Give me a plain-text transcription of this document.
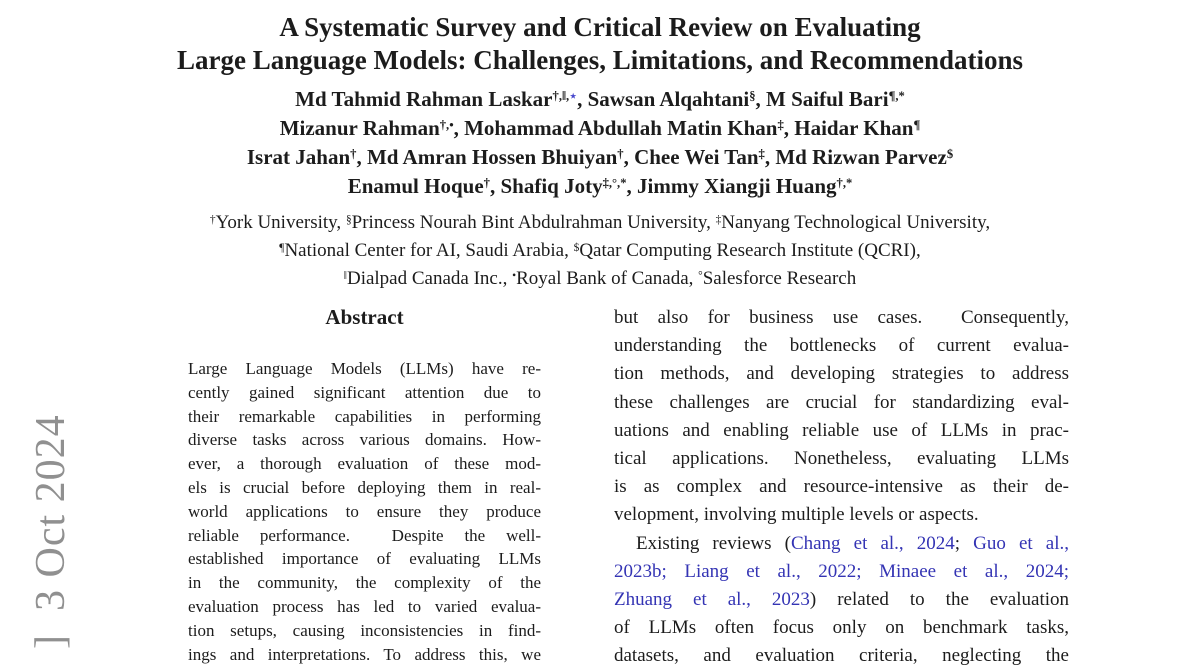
]  3 Oct 2024
A Systematic Survey and Critical Review on Evaluating
Large Language Models: Challenges, Limitations, and Recommendations
Md Tahmid Rahman Laskar†,‖,⋆, Sawsan Alqahtani§, M Saiful Bari¶,*
Mizanur Rahman†,•, Mohammad Abdullah Matin Khan‡, Haidar Khan¶
Israt Jahan†, Md Amran Hossen Bhuiyan†, Chee Wei Tan‡, Md Rizwan Parvez$
Enamul Hoque†, Shafiq Joty‡,°,*, Jimmy Xiangji Huang†,*
†York University, §Princess Nourah Bint Abdulrahman University, ‡Nanyang Technological University,
¶National Center for AI, Saudi Arabia, $Qatar Computing Research Institute (QCRI),
‖Dialpad Canada Inc., •Royal Bank of Canada, °Salesforce Research
Abstract
Large Language Models (LLMs) have re-
cently gained significant attention due to
their remarkable capabilities in performing
diverse tasks across various domains. How-
ever, a thorough evaluation of these mod-
els is crucial before deploying them in real-
world applications to ensure they produce
reliable performance.  Despite the well-
established importance of evaluating LLMs
in the community, the complexity of the
evaluation process has led to varied evalua-
tion setups, causing inconsistencies in find-
ings and interpretations. To address this, we
but also for business use cases.  Consequently,
understanding the bottlenecks of current evalua-
tion methods, and developing strategies to address
these challenges are crucial for standardizing eval-
uations and enabling reliable use of LLMs in prac-
tical applications. Nonetheless, evaluating LLMs
is as complex and resource-intensive as their de-
velopment, involving multiple levels or aspects.
Existing reviews (Chang et al., 2024; Guo et al.,
2023b; Liang et al., 2022; Minaee et al., 2024;
Zhuang et al., 2023) related to the evaluation
of LLMs often focus only on benchmark tasks,
datasets, and evaluation criteria, neglecting the
